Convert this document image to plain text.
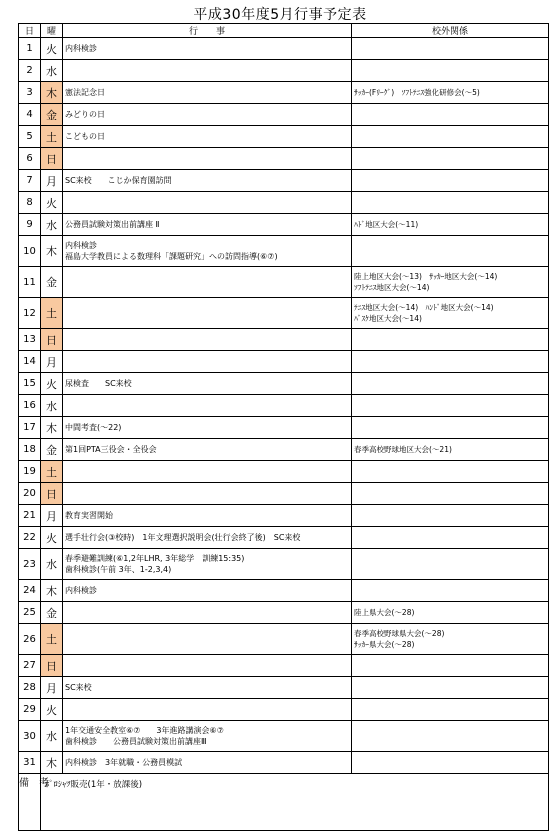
平成30年度5月行事予定表
日	曜	行　　事	校外関係
1	火	内科検診	

2	水		
3	木	憲法記念日	ｻｯｶｰ(Fﾘｰｸﾞ)　ｿﾌﾄﾃﾆｽ強化研修会(～5)

4	金	みどりの日	

5	土	こどもの日	

6	日		
7	月	SC来校　　こじか保育園訪問	

8	火		
9	水	公務員試験対策出前講座 Ⅱ	ﾊﾄﾞ地区大会(～11)

10	木	内科検診
福島大学教員による数理科「課題研究」への訪問指導(⑥⑦)	

11	金		陸上地区大会(～13)　ｻｯｶｰ地区大会(～14)
ｿﾌﾄﾃﾆｽ地区大会(～14)

12	土		ﾃﾆｽ地区大会(～14)　ﾊﾝﾄﾞ地区大会(～14)
ﾊﾞｽｹ地区大会(～14)

13	日		
14	月		
15	火	尿検査　　SC来校	

16	水		
17	木	中間考査(～22)	

18	金	第1回PTA三役会・全役会	春季高校野球地区大会(～21)

19	土		
20	日		
21	月	教育実習開始	

22	火	選手壮行会(③校時)　1年文理選択説明会(壮行会終了後)　SC来校	

23	水	春季避難訓練(⑥1,2年LHR, 3年総学　訓練15:35)
歯科検診(午前 3年、1-2,3,4)	

24	木	内科検診	

25	金		陸上県大会(～28)

26	土		春季高校野球県大会(～28)
ｻｯｶｰ県大会(～28)

27	日		
28	月	SC来校	

29	火		
30	水	1年交通安全教室⑥⑦　　3年進路講演会⑥⑦
歯科検診　　公務員試験対策出前講座Ⅲ	

31	木	内科検診　3年就職・公務員模試	

備　考	ﾎﾟﾛｼｬﾂ販売(1年・放課後)		
